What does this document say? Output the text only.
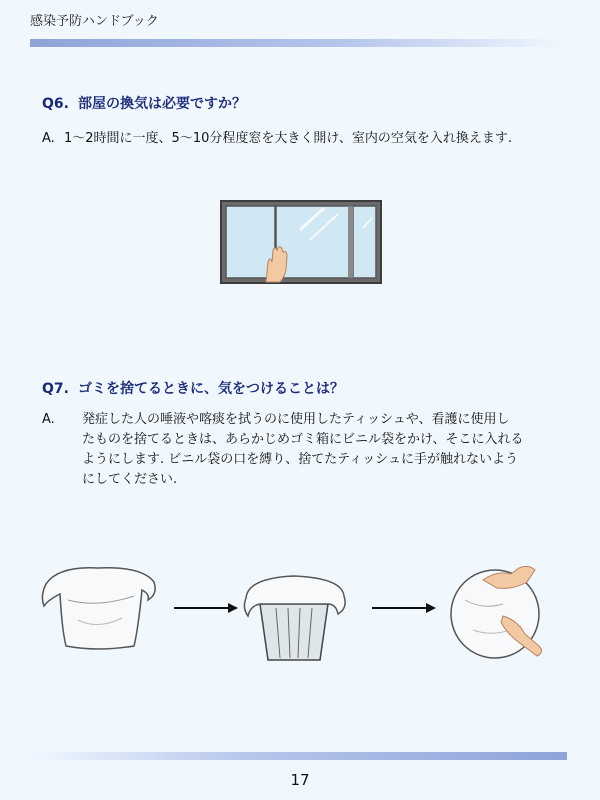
感染予防ハンドブック
Q6. 部屋の換気は必要ですか？
A. 1～2時間に一度、5～10分程度窓を大きく開け、室内の空気を入れ換えます.
Q7. ゴミを捨てるときに、気をつけることは？
A. 発症した人の唾液や喀痰を拭うのに使用したティッシュや、看護に使用し
たものを捨てるときは、あらかじめゴミ箱にビニル袋をかけ、そこに入れる
ようにします. ビニル袋の口を縛り、捨てたティッシュに手が触れないよう
にしてください.
17
